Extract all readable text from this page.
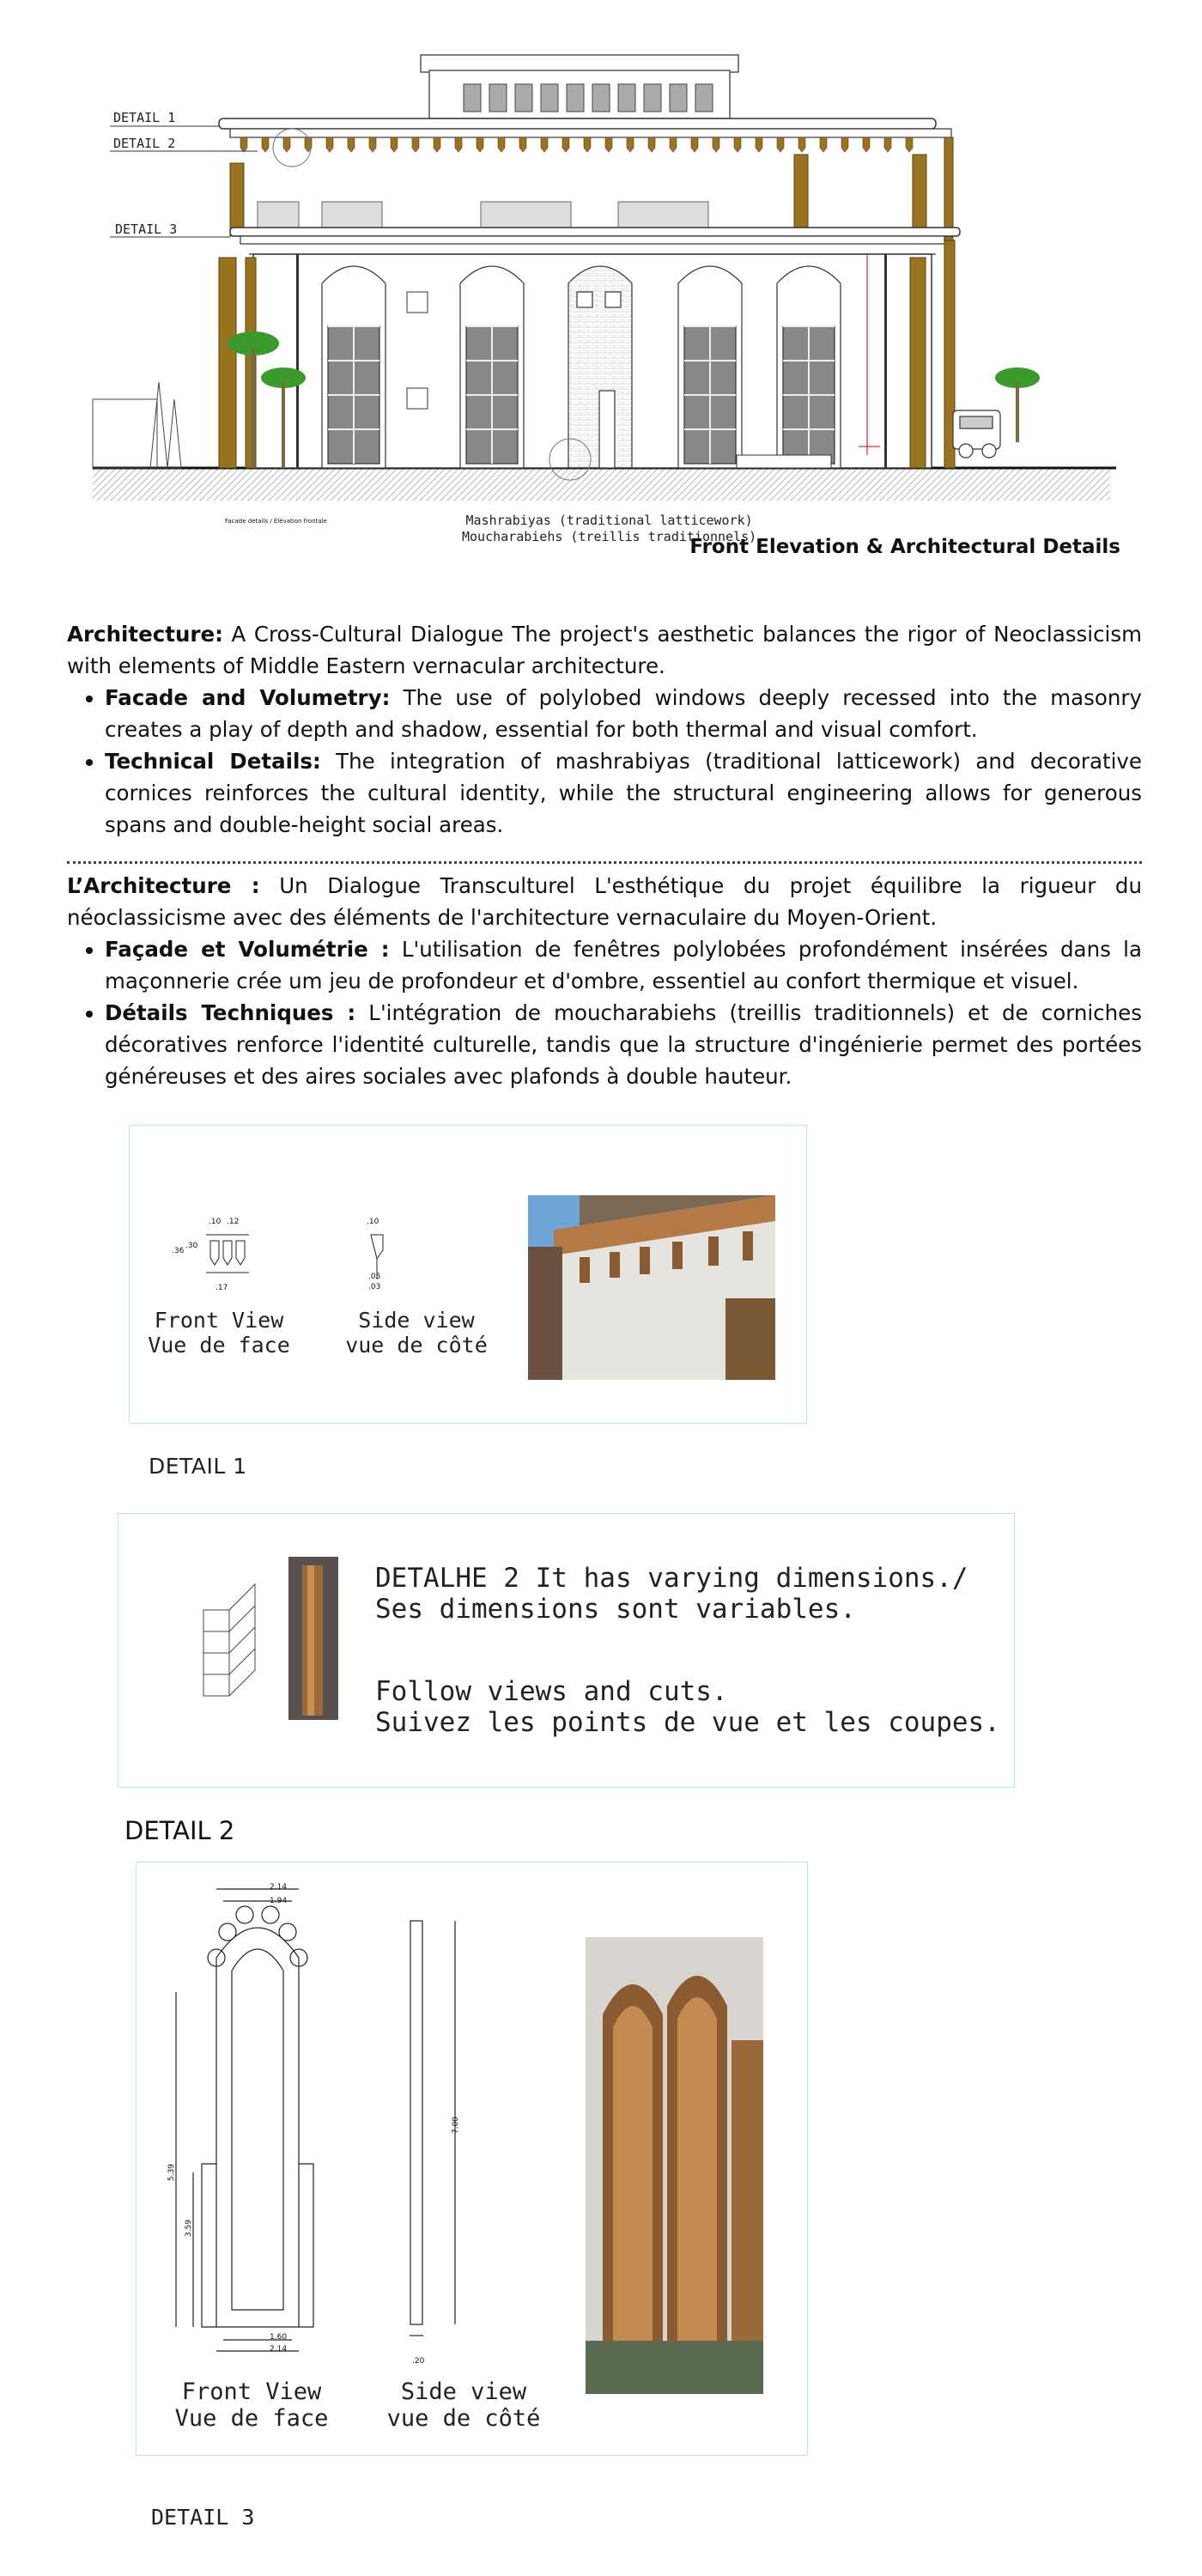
DETAIL 1
DETAIL 2
DETAIL 3
Facade details / Élévation frontale	Mashrabiyas (traditional latticework)
Moucharabiehs (treillis traditionnels)
Front Elevation & Architectural Details

Architecture: A Cross-Cultural Dialogue The project's aesthetic balances the rigor of Neoclassicism with elements of Middle Eastern vernacular architecture.

• Facade and Volumetry: The use of polylobed windows deeply recessed into the masonry creates a play of depth and shadow, essential for both thermal and visual comfort.
• Technical Details: The integration of mashrabiyas (traditional latticework) and decorative cornices reinforces the cultural identity, while the structural engineering allows for generous spans and double-height social areas.

L’Architecture : Un Dialogue Transculturel L'esthétique du projet équilibre la rigueur du néoclassicisme avec des éléments de l'architecture vernaculaire du Moyen-Orient.

• Façade et Volumétrie : L'utilisation de fenêtres polylobées profondément insérées dans la maçonnerie crée um jeu de profondeur et d'ombre, essentiel au confort thermique et visuel.
• Détails Techniques : L'intégration de moucharabiehs (treillis traditionnels) et de corniches décoratives renforce l'identité culturelle, tandis que la structure d'ingénierie permet des portées généreuses et des aires sociales avec plafonds à double hauteur.
.10 .12
.36
.30
.17
.10
.05
.03
Front View
Vue de face
Side view
vue de côté
DETAIL 1
DETALHE 2 It has varying dimensions./
Ses dimensions sont variables.
Follow views and cuts.
Suivez les points de vue et les coupes.
DETAIL 2
2.14
1.94
5.39
3.59
1.60
2.14
7.00
.20
Front View
Vue de face
Side view
vue de côté
DETAIL 3
